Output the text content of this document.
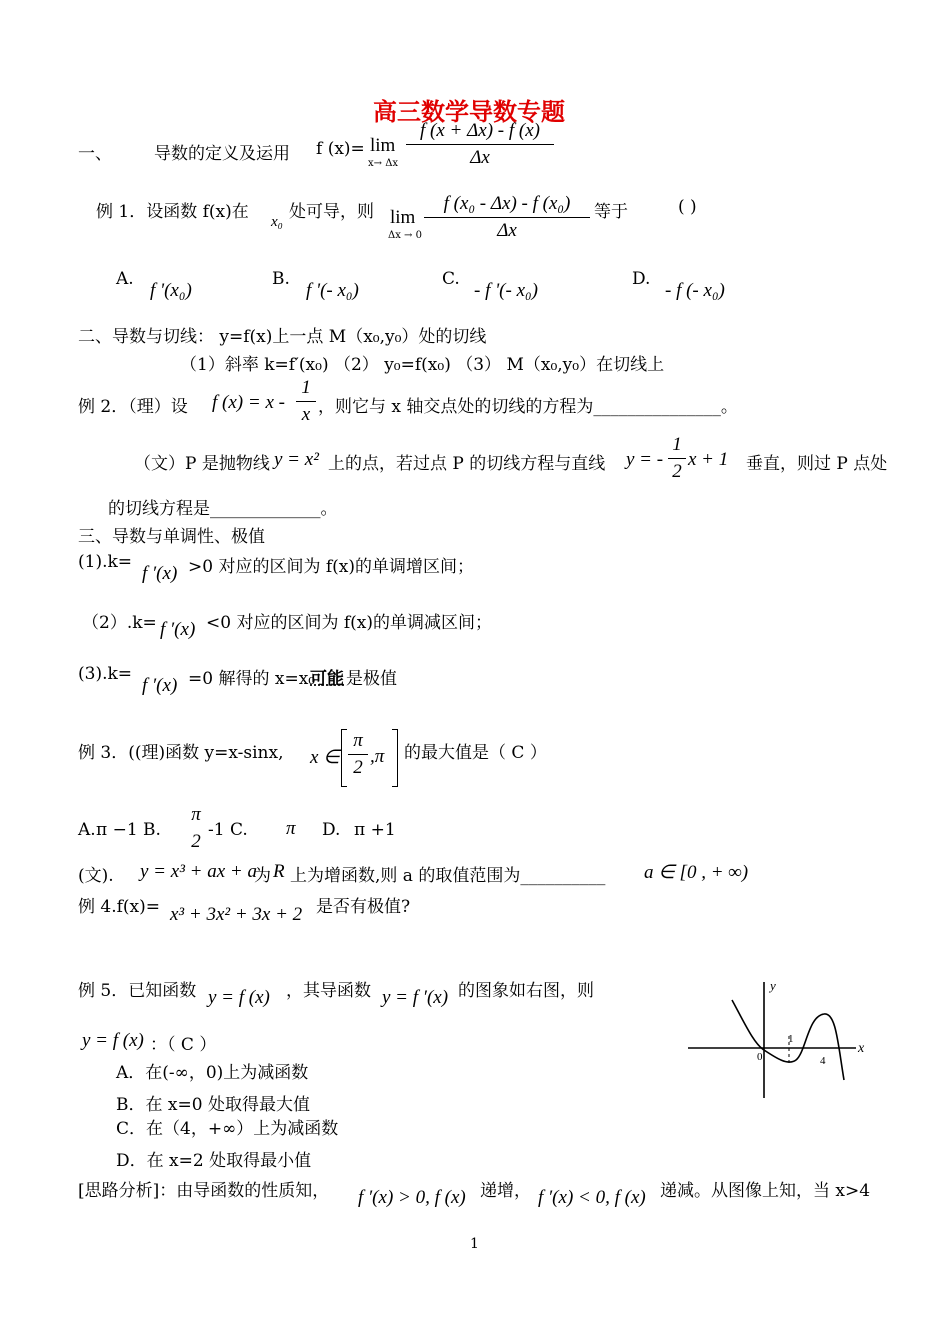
高三数学导数专题
一、 导数的定义及运用 f (x)= lim
x→ Δx
f (x + Δx) - f (x)
Δx
例 1．设函数 f(x)在 x₀ 处可导，则 lim
Δx → 0
f (x₀ - Δx) - f (x₀)
Δx
等于	( )
A.
f '(x₀)
B.
f '(- x₀)
C.
- f '(- x₀)
D.
- f (- x₀)
二、导数与切线： y=f(x)上一点 M（x₀,y₀）处的切线
（1）斜率 k=f′(x₀) （2） y₀=f(x₀) （3） M（x₀,y₀）在切线上
例 2．（理）设 f (x) = x -
1
x ，则它与 x 轴交点处的切线的方程为_______________。
（文）P 是抛物线 y = x² 上的点，若过点 P 的切线方程与直线 y = -
1
2
x + 1 垂直，则过 P 点处
的切线方程是_____________。
三、导数与单调性、极值
(1).k=
f ′(x) >0 对应的区间为 f(x)的单调增区间；
（2）.k= f ′(x) <0 对应的区间为 f(x)的单调减区间；
(3).k=
f ′(x) =0 解得的 x=x₀
可能 是极值
例 3．((理)函数 y=x-sinx, x ∈
π
2
,π 的最大值是（ C ）
A. π −1 B.
π
2
-1 C. π D. π +1
(文). y = x³ + ax + a
为 R 上为增函数,则 a 的取值范围为__________ a ∈ [0 , + ∞)
例 4.f(x)= x³ + 3x² + 3x + 2 是否有极值?
例 5．已知函数 y = f (x) ，其导函数 y = f ′(x) 的图象如右图，则
y = f (x) ：（ C ）
A．在(-∞，0)上为减函数
B．在 x=0 处取得最大值
C．在（4，+∞）上为减函数
D．在 x=2 处取得最小值
y
x
0
1
4
[思路分析]：由导函数的性质知， f ′(x) > 0, f (x) 递增， f ′(x) < 0, f (x) 递减。从图像上知，当 x>4
1
